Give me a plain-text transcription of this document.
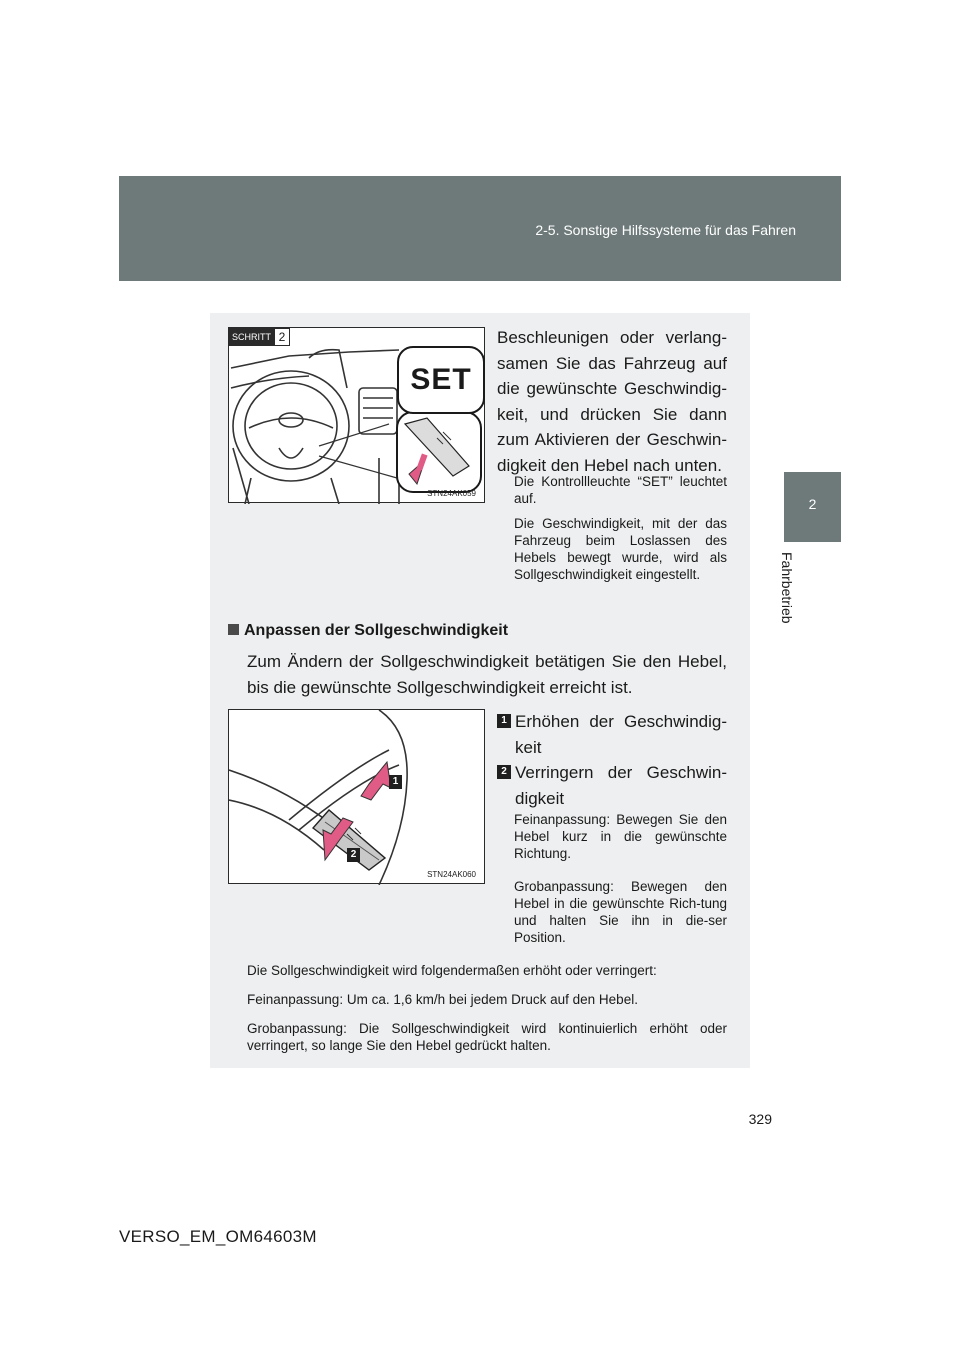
2-5. Sonstige Hilfssysteme für das Fahren
2
Fahrbetrieb
SCHRITT 2
SET
STN24AK059
Beschleunigen oder verlang-samen Sie das Fahrzeug auf die gewünschte Geschwindig-keit, und drücken Sie dann zum Aktivieren der Geschwin-digkeit den Hebel nach unten.
Die Kontrollleuchte “SET” leuchtet auf.
Die Geschwindigkeit, mit der das Fahrzeug beim Loslassen des Hebels bewegt wurde, wird als Sollgeschwindigkeit eingestellt.
Anpassen der Sollgeschwindigkeit
Zum Ändern der Sollgeschwindigkeit betätigen Sie den Hebel, bis die gewünschte Sollgeschwindigkeit erreicht ist.
1
2
STN24AK060
1 Erhöhen der Geschwindig-keit
2 Verringern der Geschwin-digkeit
Feinanpassung: Bewegen Sie den Hebel kurz in die gewünschte Richtung.
Grobanpassung: Bewegen den Hebel in die gewünschte Rich-tung und halten Sie ihn in die-ser Position.
Die Sollgeschwindigkeit wird folgendermaßen erhöht oder verringert:
Feinanpassung: Um ca. 1,6 km/h bei jedem Druck auf den Hebel.
Grobanpassung: Die Sollgeschwindigkeit wird kontinuierlich erhöht oder verringert, so lange Sie den Hebel gedrückt halten.
329
VERSO_EM_OM64603M
